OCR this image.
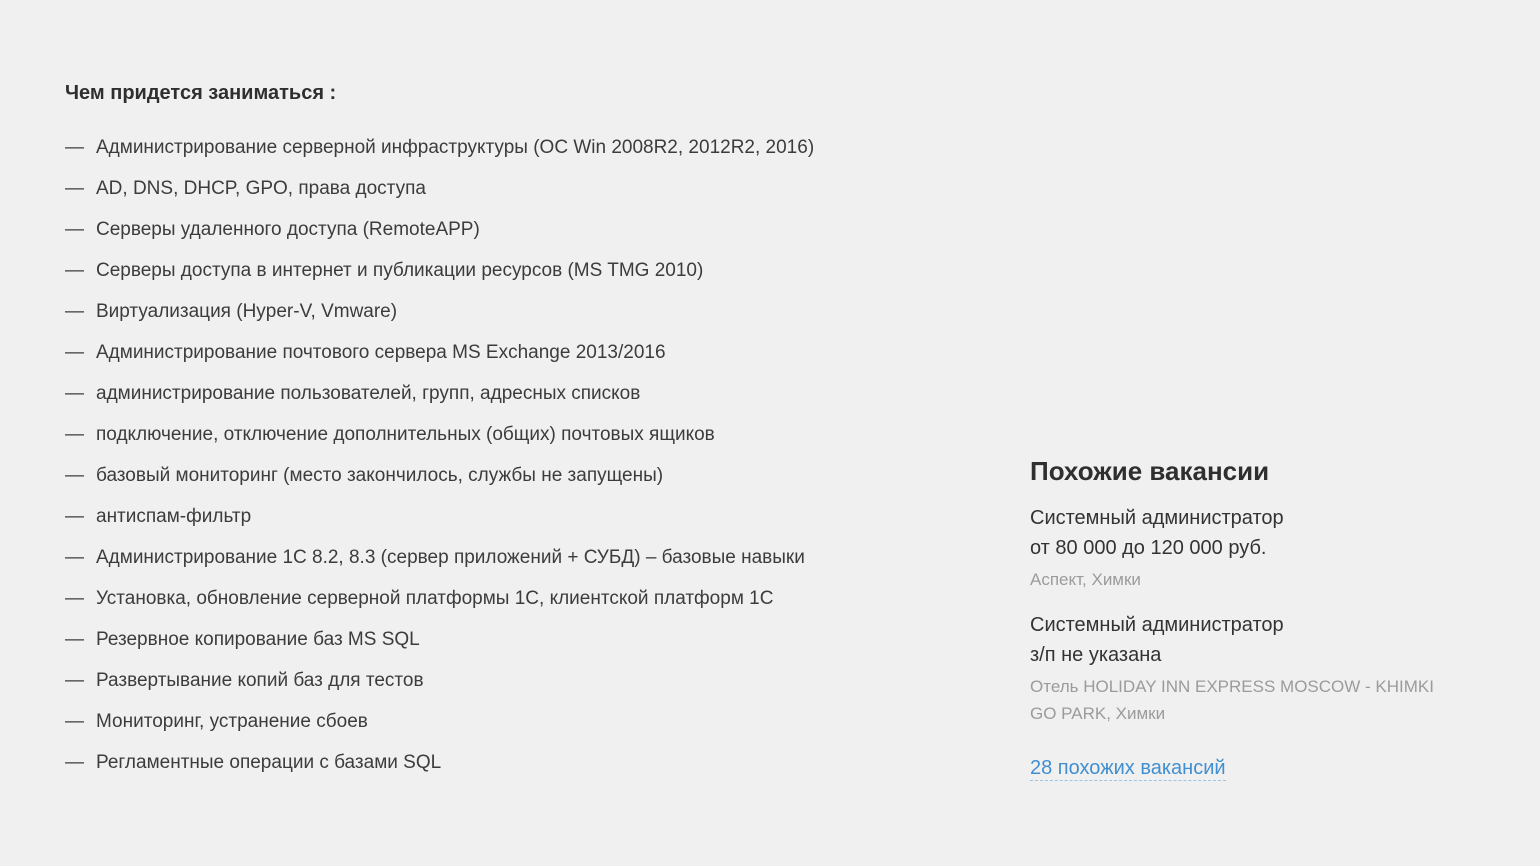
Чем придется заниматься :
— Администрирование серверной инфраструктуры (ОС Win 2008R2, 2012R2, 2016)
— AD, DNS, DHCP, GPO, права доступа
— Серверы удаленного доступа (RemoteAPP)
— Серверы доступа в интернет и публикации ресурсов (MS TMG 2010)
— Виртуализация (Hyper-V, Vmware)
— Администрирование почтового сервера MS Exchange 2013/2016
— администрирование пользователей, групп, адресных списков
— подключение, отключение дополнительных (общих) почтовых ящиков
— базовый мониторинг (место закончилось, службы не запущены)
— антиспам-фильтр
— Администрирование 1С 8.2, 8.3 (сервер приложений + СУБД) – базовые навыки
— Установка, обновление серверной платформы 1С, клиентской платформ 1С
— Резервное копирование баз MS SQL
— Развертывание копий баз для тестов
— Мониторинг, устранение сбоев
— Регламентные операции с базами SQL
Похожие вакансии
Системный администратор
от 80 000 до 120 000 руб.
Аспект, Химки
Системный администратор
з/п не указана
Отель HOLIDAY INN EXPRESS MOSCOW - KHIMKI GO PARK, Химки
28 похожих вакансий
